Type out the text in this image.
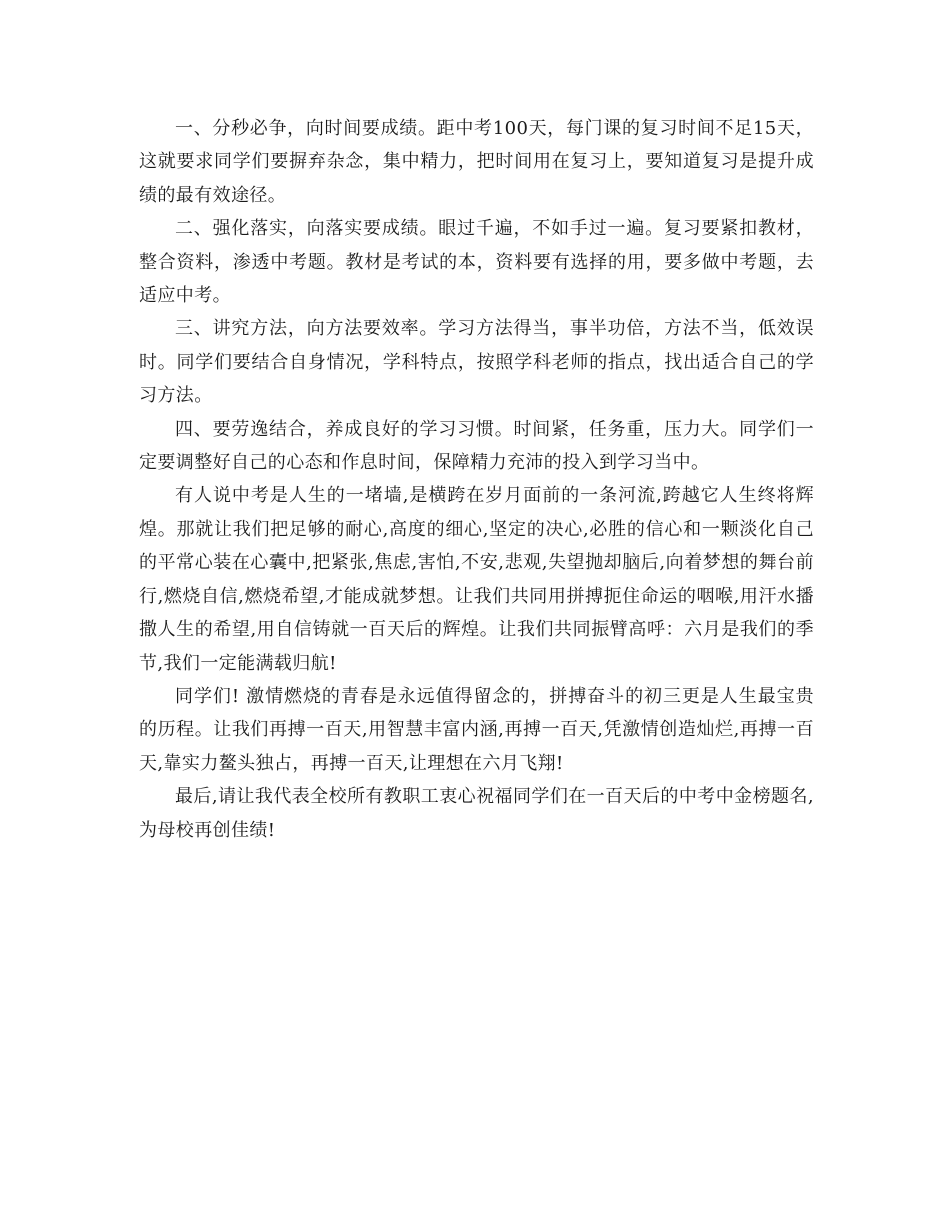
一、分秒必争，向时间要成绩。距中考100天，每门课的复习时间不足15天，这就要求同学们要摒弃杂念，集中精力，把时间用在复习上，要知道复习是提升成绩的最有效途径。

二、强化落实，向落实要成绩。眼过千遍，不如手过一遍。复习要紧扣教材，整合资料，渗透中考题。教材是考试的本，资料要有选择的用，要多做中考题，去适应中考。

三、讲究方法，向方法要效率。学习方法得当，事半功倍，方法不当，低效误时。同学们要结合自身情况，学科特点，按照学科老师的指点，找出适合自己的学习方法。

四、要劳逸结合，养成良好的学习习惯。时间紧，任务重，压力大。同学们一定要调整好自己的心态和作息时间，保障精力充沛的投入到学习当中。

有人说中考是人生的一堵墙,是横跨在岁月面前的一条河流,跨越它人生终将辉煌。那就让我们把足够的耐心,高度的细心,坚定的决心,必胜的信心和一颗淡化自己的平常心装在心囊中,把紧张,焦虑,害怕,不安,悲观,失望抛却脑后,向着梦想的舞台前行,燃烧自信,燃烧希望,才能成就梦想。让我们共同用拼搏扼住命运的咽喉,用汗水播撒人生的希望,用自信铸就一百天后的辉煌。让我们共同振臂高呼：六月是我们的季节,我们一定能满载归航!

同学们! 激情燃烧的青春是永远值得留念的，拼搏奋斗的初三更是人生最宝贵的历程。让我们再搏一百天,用智慧丰富内涵,再搏一百天,凭激情创造灿烂,再搏一百天,靠实力鳌头独占，再搏一百天,让理想在六月飞翔!

最后,请让我代表全校所有教职工衷心祝福同学们在一百天后的中考中金榜题名,为母校再创佳绩!
